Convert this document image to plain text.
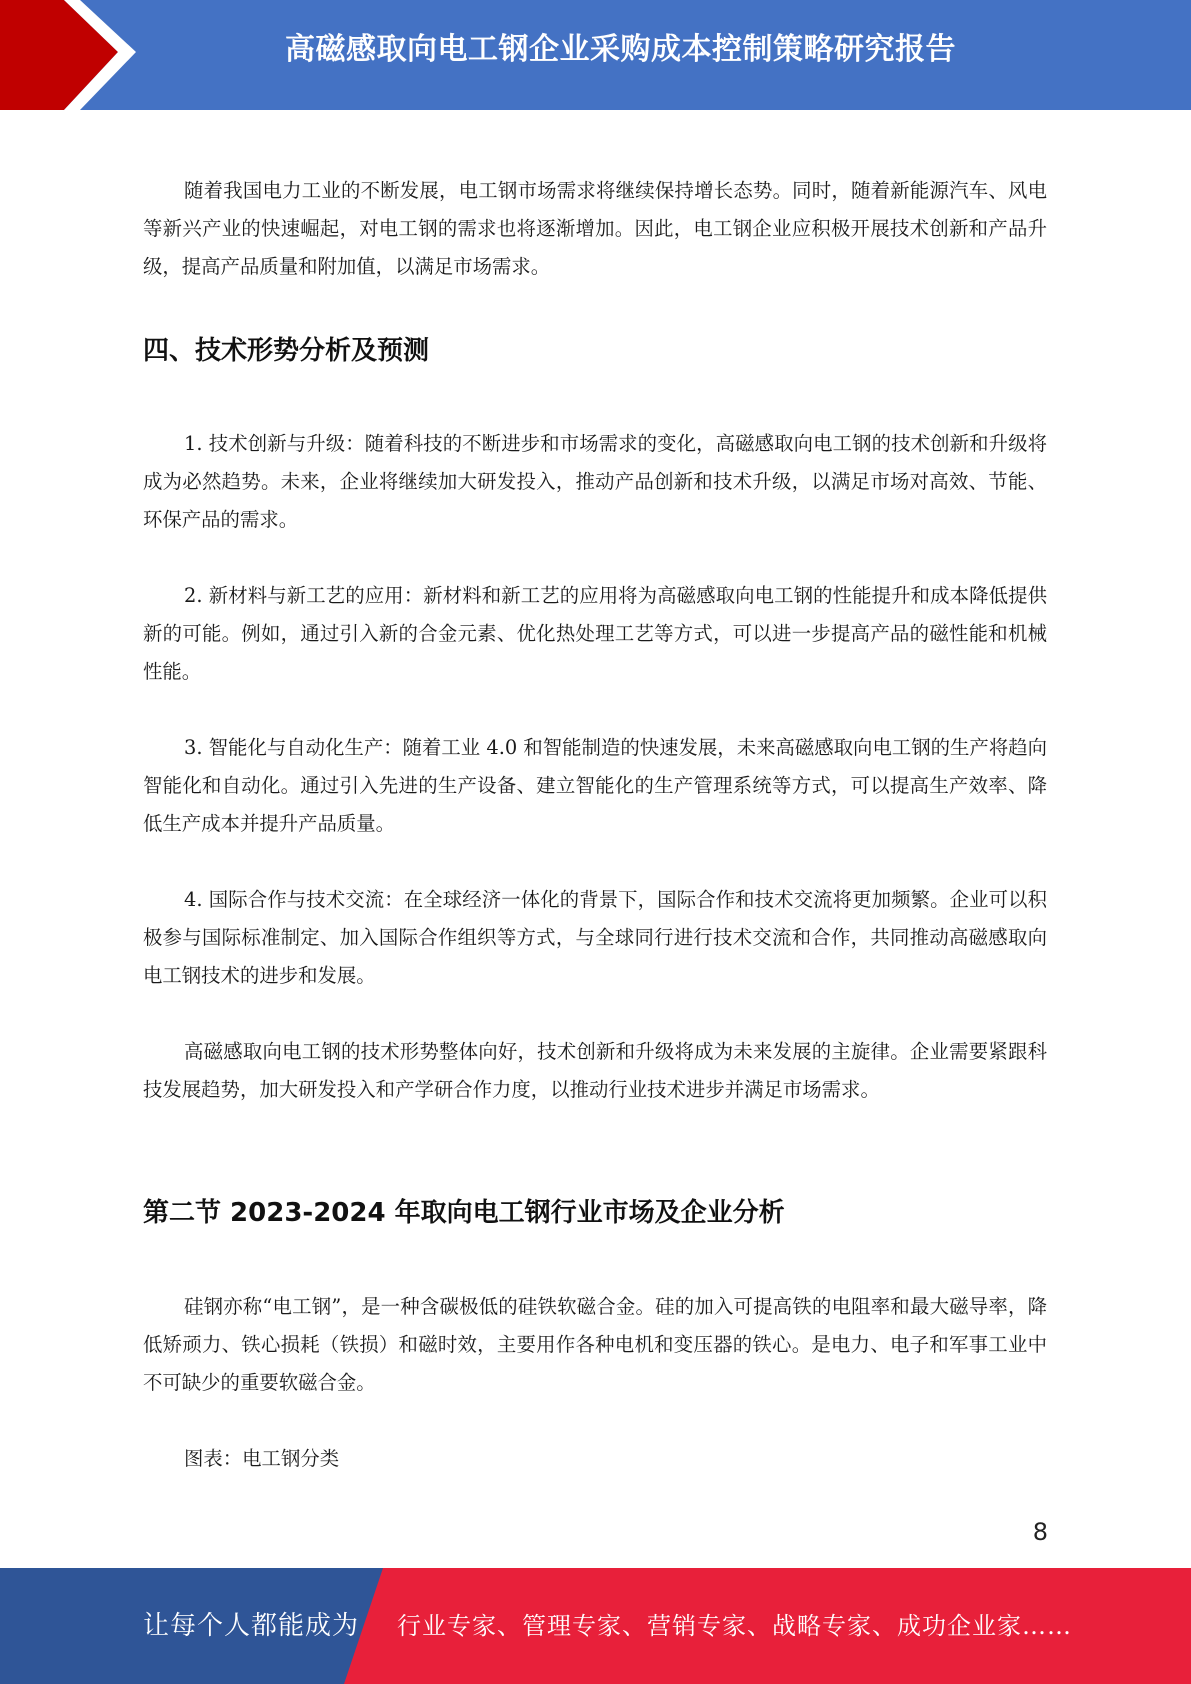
高磁感取向电工钢企业采购成本控制策略研究报告

随着我国电力工业的不断发展，电工钢市场需求将继续保持增长态势。同时，随着新能源汽车、风电等新兴产业的快速崛起，对电工钢的需求也将逐渐增加。因此，电工钢企业应积极开展技术创新和产品升级，提高产品质量和附加值，以满足市场需求。

四、技术形势分析及预测

1. 技术创新与升级：随着科技的不断进步和市场需求的变化，高磁感取向电工钢的技术创新和升级将成为必然趋势。未来，企业将继续加大研发投入，推动产品创新和技术升级，以满足市场对高效、节能、环保产品的需求。

2. 新材料与新工艺的应用：新材料和新工艺的应用将为高磁感取向电工钢的性能提升和成本降低提供新的可能。例如，通过引入新的合金元素、优化热处理工艺等方式，可以进一步提高产品的磁性能和机械性能。

3. 智能化与自动化生产：随着工业 4.0 和智能制造的快速发展，未来高磁感取向电工钢的生产将趋向智能化和自动化。通过引入先进的生产设备、建立智能化的生产管理系统等方式，可以提高生产效率、降低生产成本并提升产品质量。

4. 国际合作与技术交流：在全球经济一体化的背景下，国际合作和技术交流将更加频繁。企业可以积极参与国际标准制定、加入国际合作组织等方式，与全球同行进行技术交流和合作，共同推动高磁感取向电工钢技术的进步和发展。

高磁感取向电工钢的技术形势整体向好，技术创新和升级将成为未来发展的主旋律。企业需要紧跟科技发展趋势，加大研发投入和产学研合作力度，以推动行业技术进步并满足市场需求。

第二节 2023-2024 年取向电工钢行业市场及企业分析

硅钢亦称“电工钢”，是一种含碳极低的硅铁软磁合金。硅的加入可提高铁的电阻率和最大磁导率，降低矫顽力、铁心损耗（铁损）和磁时效，主要用作各种电机和变压器的铁心。是电力、电子和军事工业中不可缺少的重要软磁合金。

图表：电工钢分类

8
让每个人都能成为 行业专家、管理专家、营销专家、战略专家、成功企业家……
